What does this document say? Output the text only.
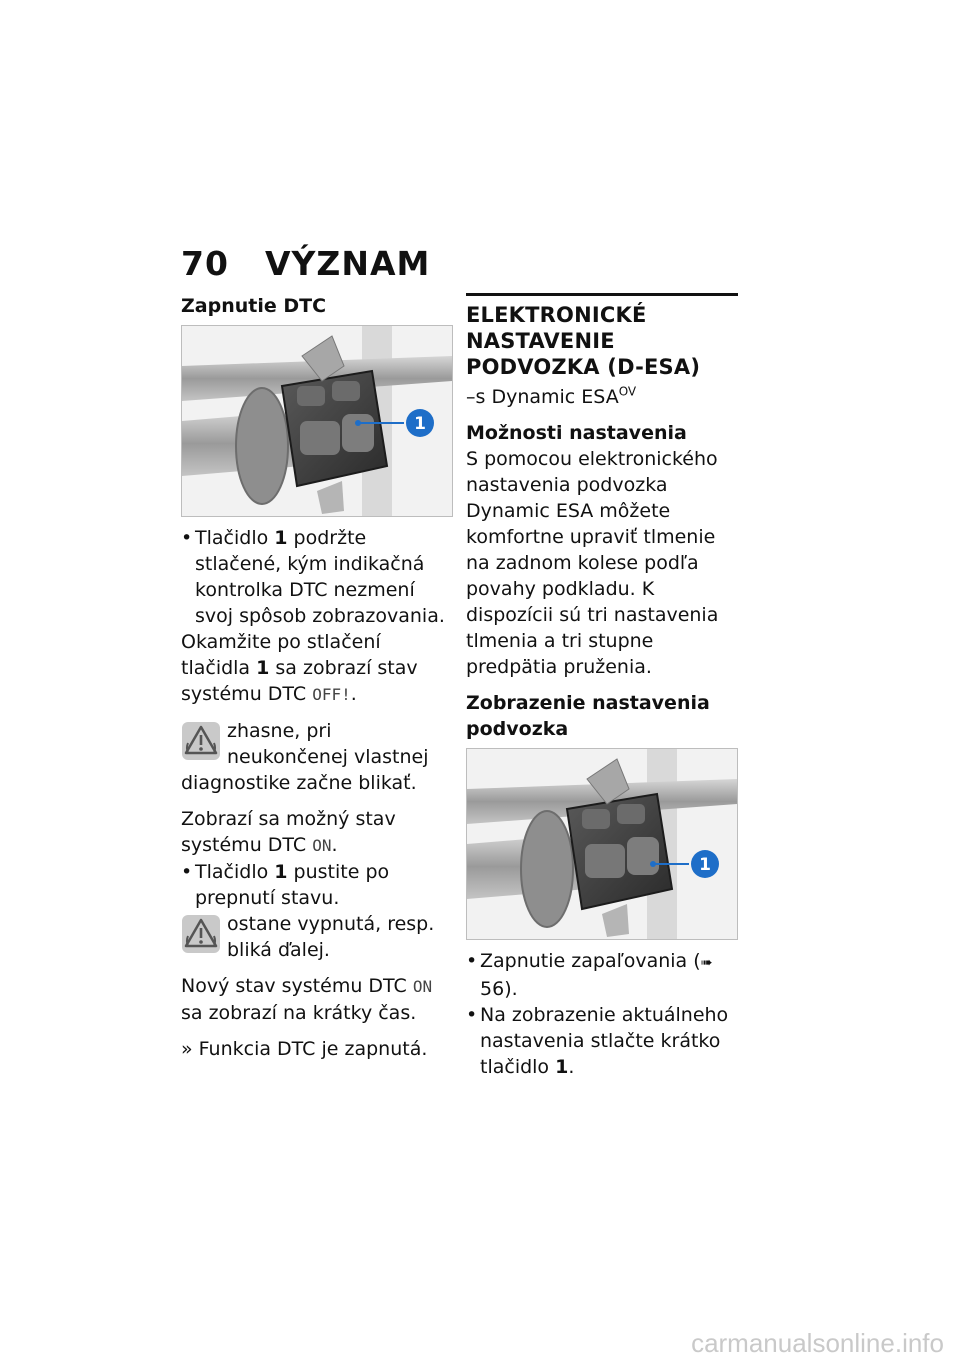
70 VÝZNAM

Zapnutie DTC

1
• Tlačidlo 1 podržte stlačené, kým indikačná kontrolka DTC nezmení svoj spôsob zobrazovania.

Okamžite po stlačení tlačidla 1 sa zobrazí stav systému DTC OFF!.

zhasne, pri neukončenej vlastnej diagnostike začne blikať.

Zobrazí sa možný stav systému DTC ON.

• Tlačidlo 1 pustite po prepnutí stavu.
ostane vypnutá, resp. bliká ďalej.

Nový stav systému DTC ON sa zobrazí na krátky čas.

» Funkcia DTC je zapnutá.

ELEKTRONICKÉ NASTAVENIE PODVOZKA (D-ESA)

–s Dynamic $ESA^{OV}$

Možnosti nastavenia

S pomocou elektronického nastavenia podvozka Dynamic ESA môžete komfortne upraviť tlmenie na zadnom kolese podľa povahy podkladu. K dispozícii sú tri nastavenia tlmenia a tri stupne predpätia pruženia.

Zobrazenie nastavenia podvozka

1
• Zapnutie zapaľovania (➠ 56).
• Na zobrazenie aktuálneho nastavenia stlačte krátko tlačidlo 1.
carmanualsonline.info
